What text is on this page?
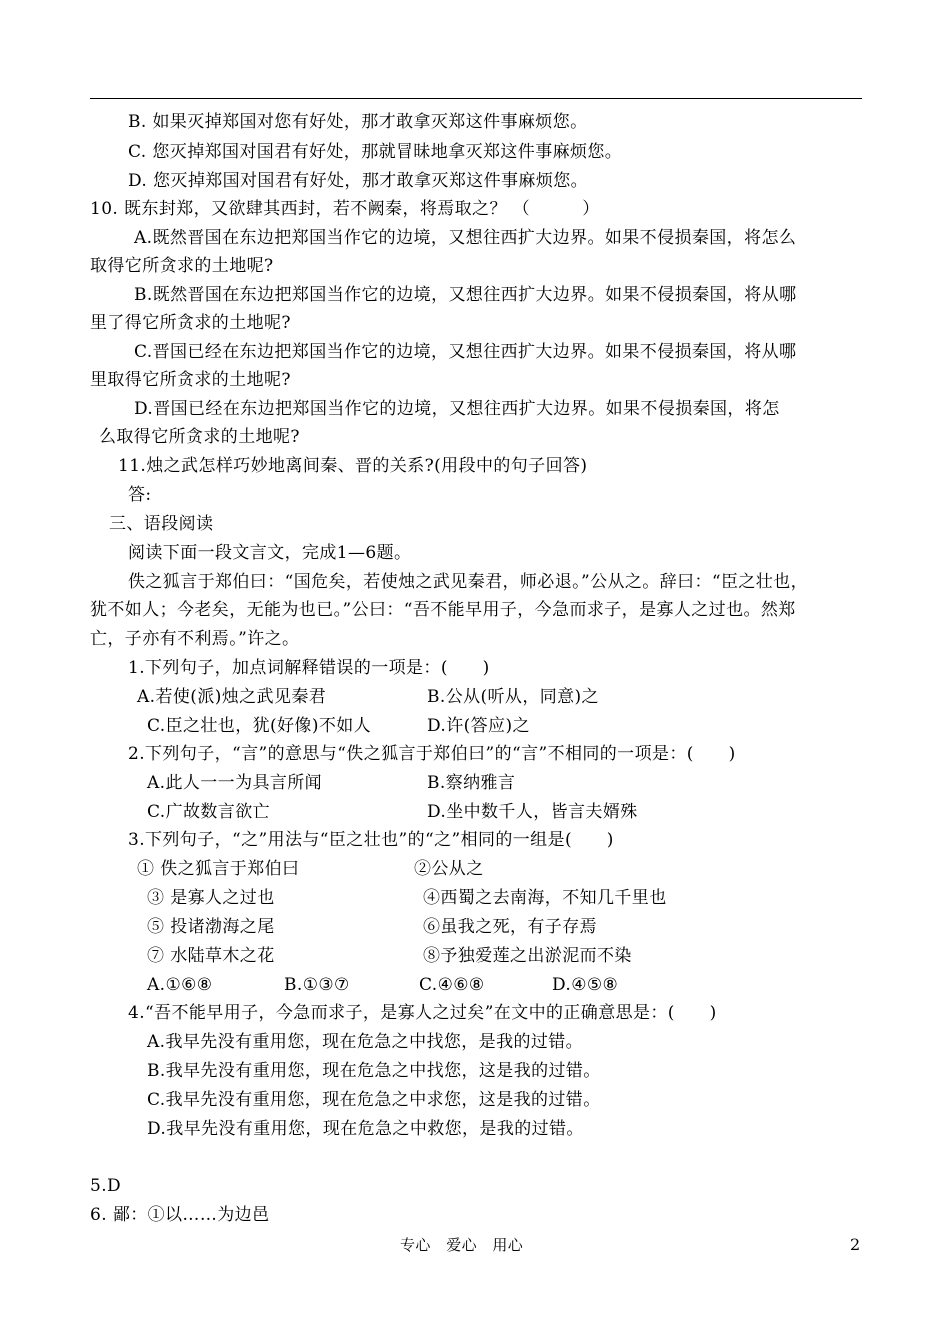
B. 如果灭掉郑国对您有好处，那才敢拿灭郑这件事麻烦您。
C. 您灭掉郑国对国君有好处，那就冒昧地拿灭郑这件事麻烦您。
D. 您灭掉郑国对国君有好处，那才敢拿灭郑这件事麻烦您。
10. 既东封郑，又欲肆其西封，若不阙秦，将焉取之？ （　　　）
A.既然晋国在东边把郑国当作它的边境，又想往西扩大边界。如果不侵损秦国，将怎么
取得它所贪求的土地呢?
B.既然晋国在东边把郑国当作它的边境，又想往西扩大边界。如果不侵损秦国，将从哪
里了得它所贪求的土地呢?
C.晋国已经在东边把郑国当作它的边境，又想往西扩大边界。如果不侵损秦国，将从哪
里取得它所贪求的土地呢?
D.晋国已经在东边把郑国当作它的边境，又想往西扩大边界。如果不侵损秦国，将怎
么取得它所贪求的土地呢?
11.烛之武怎样巧妙地离间秦、晋的关系?(用段中的句子回答)
答:
三、语段阅读
阅读下面一段文言文，完成1—6题。
佚之狐言于郑伯曰：“国危矣，若使烛之武见秦君，师必退。”公从之。辞曰：“臣之壮也，
犹不如人；今老矣，无能为也已。”公曰：“吾不能早用子，今急而求子，是寡人之过也。然郑
亡，子亦有不利焉。”许之。
1.下列句子，加点词解释错误的一项是：(　　)
A.若使(派)烛之武见秦君	B.公从(听从，同意)之
C.臣之壮也，犹(好像)不如人	D.许(答应)之
2.下列句子，“言”的意思与“佚之狐言于郑伯曰”的“言”不相同的一项是：(　　)
A.此人一一为具言所闻	B.察纳雅言
C.广故数言欲亡	D.坐中数千人，皆言夫婿殊
3.下列句子，“之”用法与“臣之壮也”的“之”相同的一组是(　　)
① 佚之狐言于郑伯曰	②公从之
③ 是寡人之过也	④西蜀之去南海，不知几千里也
⑤ 投诸渤海之尾	⑥虽我之死，有子存焉
⑦ 水陆草木之花	⑧予独爱莲之出淤泥而不染
A.①⑥⑧	B.①③⑦	C.④⑥⑧	D.④⑤⑧
4.“吾不能早用子，今急而求子，是寡人之过矣”在文中的正确意思是：(　　)
A.我早先没有重用您，现在危急之中找您，是我的过错。
B.我早先没有重用您，现在危急之中找您，这是我的过错。
C.我早先没有重用您，现在危急之中求您，这是我的过错。
D.我早先没有重用您，现在危急之中救您，是我的过错。
5.D
6. 鄙：①以……为边邑
专心　爱心　用心	2
